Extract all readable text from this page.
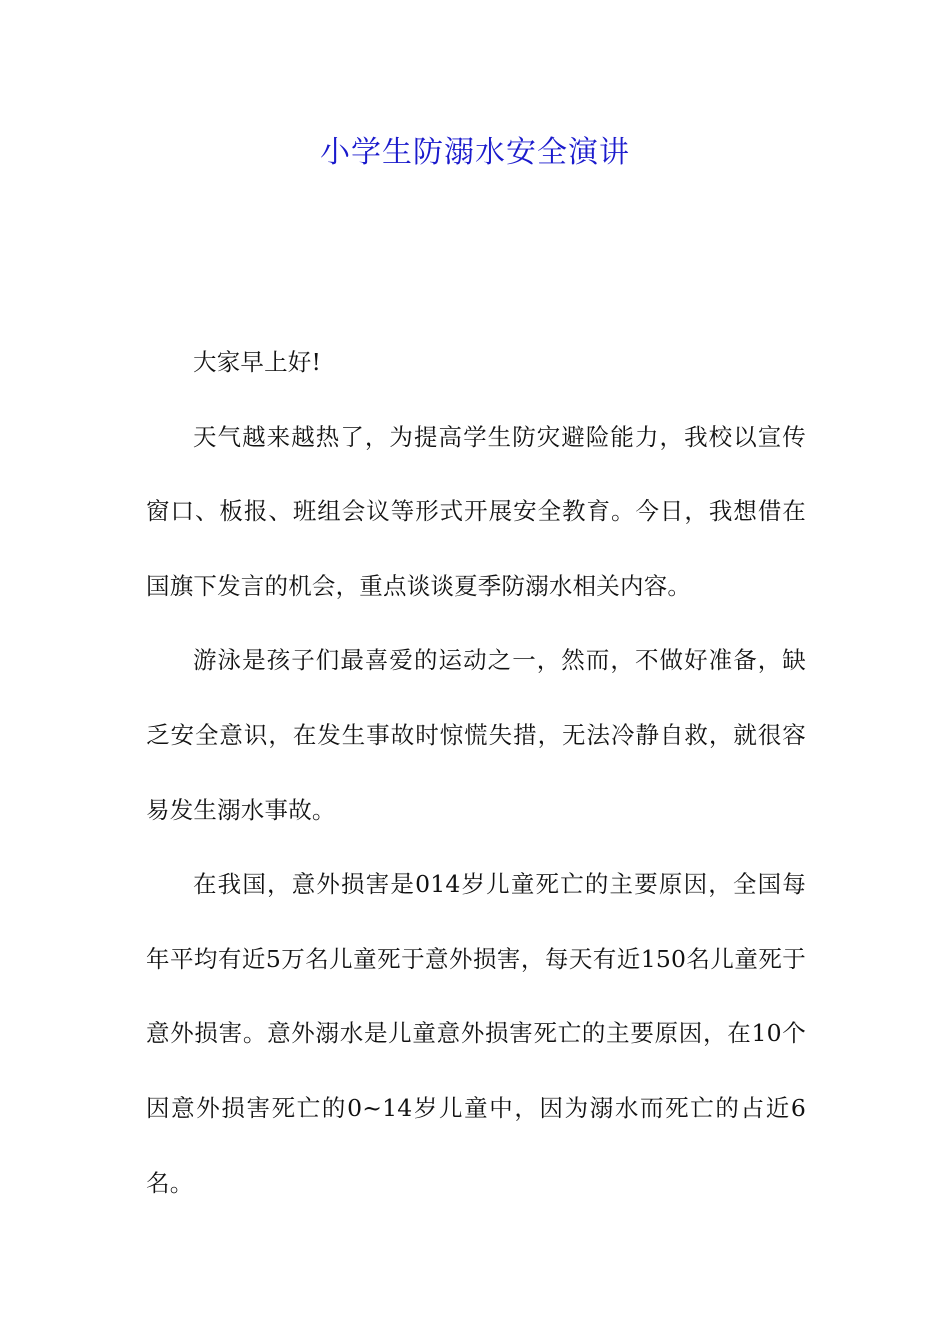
小学生防溺水安全演讲

大家早上好!

天气越来越热了，为提高学生防灾避险能力，我校以宣传窗口、板报、班组会议等形式开展安全教育。今日，我想借在国旗下发言的机会，重点谈谈夏季防溺水相关内容。

游泳是孩子们最喜爱的运动之一，然而，不做好准备，缺乏安全意识，在发生事故时惊慌失措，无法冷静自救，就很容易发生溺水事故。

在我国，意外损害是014岁儿童死亡的主要原因，全国每年平均有近5万名儿童死于意外损害，每天有近150名儿童死于意外损害。意外溺水是儿童意外损害死亡的主要原因，在10个因意外损害死亡的0~14岁儿童中，因为溺水而死亡的占近6名。
